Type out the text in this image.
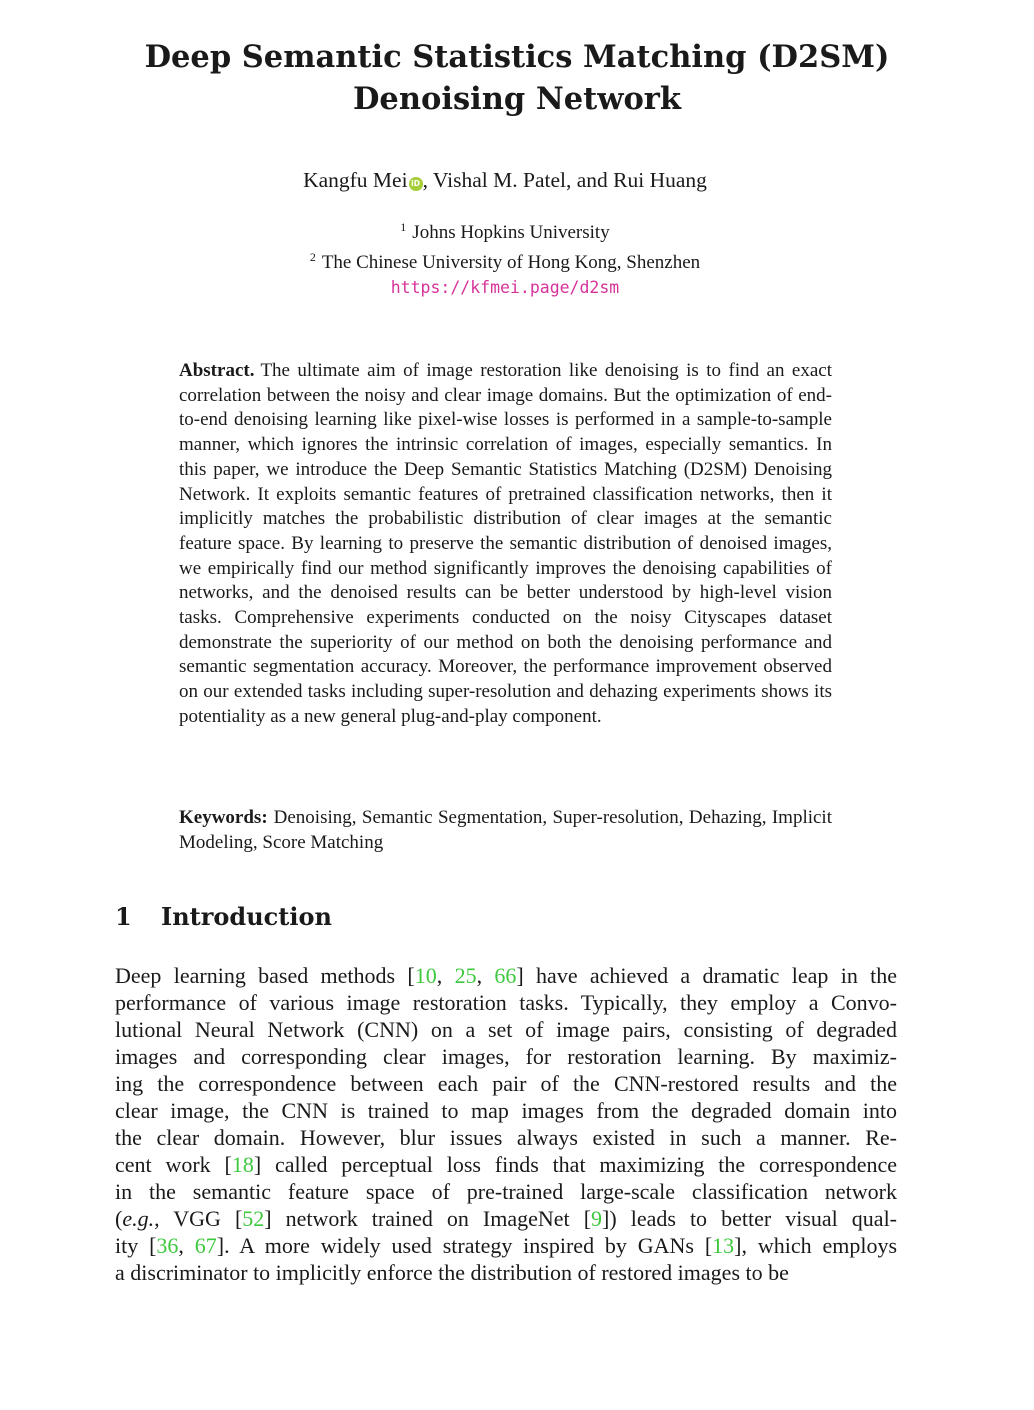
Deep Semantic Statistics Matching (D2SM)
Denoising Network
Kangfu Mei iD , Vishal M. Patel, and Rui Huang
$^1$ Johns Hopkins University
$^2$ The Chinese University of Hong Kong, Shenzhen
https://kfmei.page/d2sm
Abstract. The ultimate aim of image restoration like denoising is to find an exact correlation between the noisy and clear image domains. But the optimization of end-to-end denoising learning like pixel-wise losses is performed in a sample-to-sample manner, which ignores the intrinsic correlation of images, especially semantics. In this paper, we introduce the Deep Semantic Statistics Matching (D2SM) Denoising Network. It exploits semantic features of pretrained classification networks, then it implicitly matches the probabilistic distribution of clear images at the semantic feature space. By learning to preserve the semantic distribution of denoised images, we empirically find our method significantly improves the denoising capabilities of networks, and the denoised results can be better understood by high-level vision tasks. Comprehensive experiments conducted on the noisy Cityscapes dataset demonstrate the superiority of our method on both the denoising performance and semantic segmentation accuracy. Moreover, the performance improvement observed on our extended tasks including super-resolution and dehazing experiments shows its potentiality as a new general plug-and-play component.
Keywords: Denoising, Semantic Segmentation, Super-resolution, Dehazing, Implicit Modeling, Score Matching
1 Introduction
Deep learning based methods [10, 25, 66] have achieved a dramatic leap in the
performance of various image restoration tasks. Typically, they employ a Convo-
lutional Neural Network (CNN) on a set of image pairs, consisting of degraded
images and corresponding clear images, for restoration learning. By maximiz-
ing the correspondence between each pair of the CNN-restored results and the
clear image, the CNN is trained to map images from the degraded domain into
the clear domain. However, blur issues always existed in such a manner. Re-
cent work [18] called perceptual loss finds that maximizing the correspondence
in the semantic feature space of pre-trained large-scale classification network
(e.g., VGG [52] network trained on ImageNet [9]) leads to better visual qual-
ity [36, 67]. A more widely used strategy inspired by GANs [13], which employs
a discriminator to implicitly enforce the distribution of restored images to be
